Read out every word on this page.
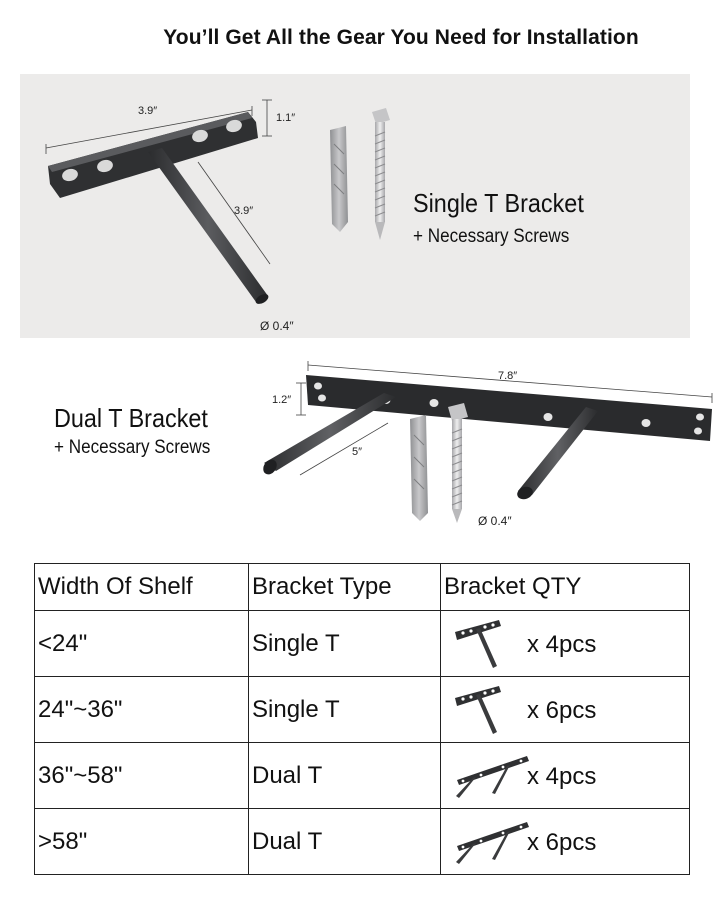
You’ll Get All the Gear You Need for Installation
3.9″
1.1″
3.9″
Ø 0.4″
Single T Bracket
+ Necessary Screws
7.8″
1.2″
5″
Ø 0.4″
Dual T Bracket
+ Necessary Screws
Width Of Shelf	Bracket Type	Bracket QTY
<24"	Single T	x 4pcs

24"~36"	Single T	x 6pcs

36"~58"	Dual T	x 4pcs

>58"	Dual T	x 6pcs
